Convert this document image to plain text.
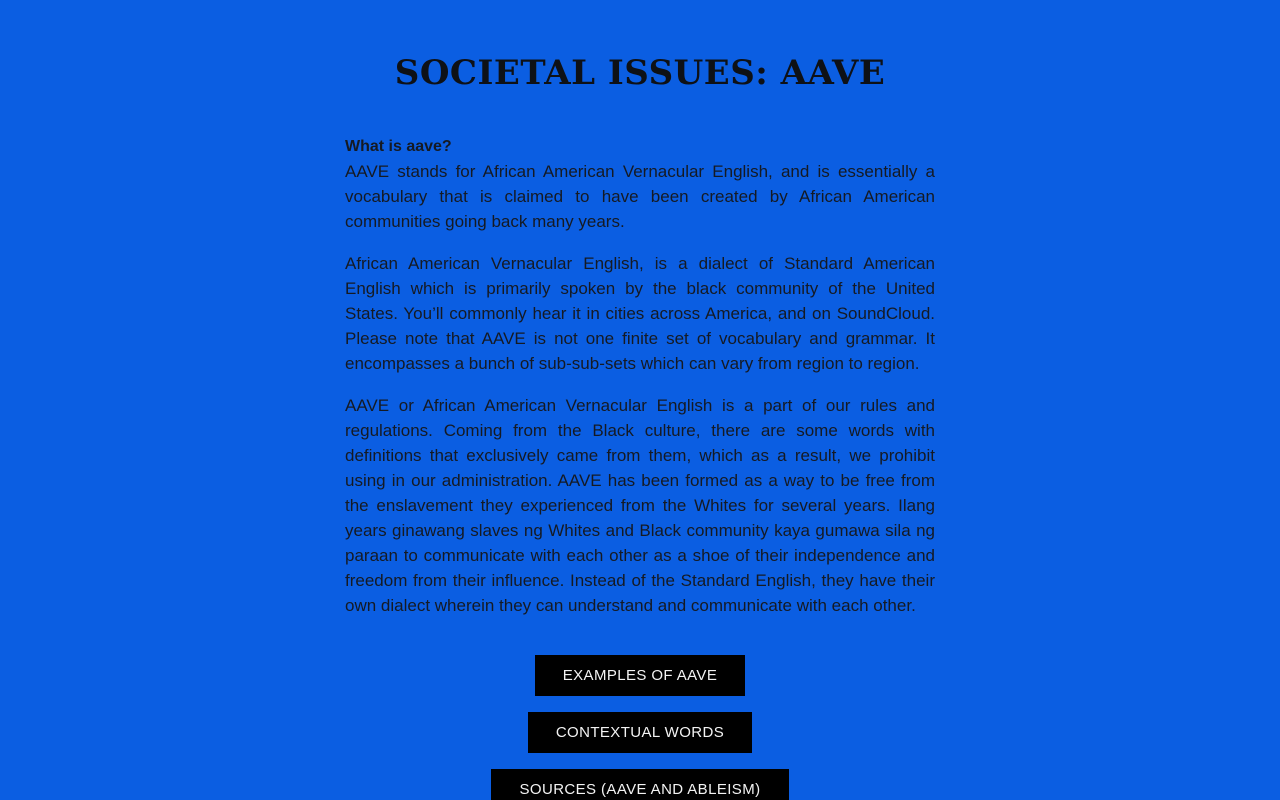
SOCIETAL ISSUES: AAVE

What is aave?

AAVE stands for African American Vernacular English, and is essentially a vocabulary that is claimed to have been created by African American communities going back many years.

African American Vernacular English, is a dialect of Standard American English which is primarily spoken by the black community of the United States. You’ll commonly hear it in cities across America, and on SoundCloud. Please note that AAVE is not one finite set of vocabulary and grammar. It encompasses a bunch of sub-sub-sets which can vary from region to region.

AAVE or African American Vernacular English is a part of our rules and regulations. Coming from the Black culture, there are some words with definitions that exclusively came from them, which as a result, we prohibit using in our administration. AAVE has been formed as a way to be free from the enslavement they experienced from the Whites for several years. Ilang years ginawang slaves ng Whites and Black community kaya gumawa sila ng paraan to communicate with each other as a shoe of their independence and freedom from their influence. Instead of the Standard English, they have their own dialect wherein they can understand and communicate with each other.

EXAMPLES OF AAVE
CONTEXTUAL WORDS
SOURCES (AAVE AND ABLEISM)
